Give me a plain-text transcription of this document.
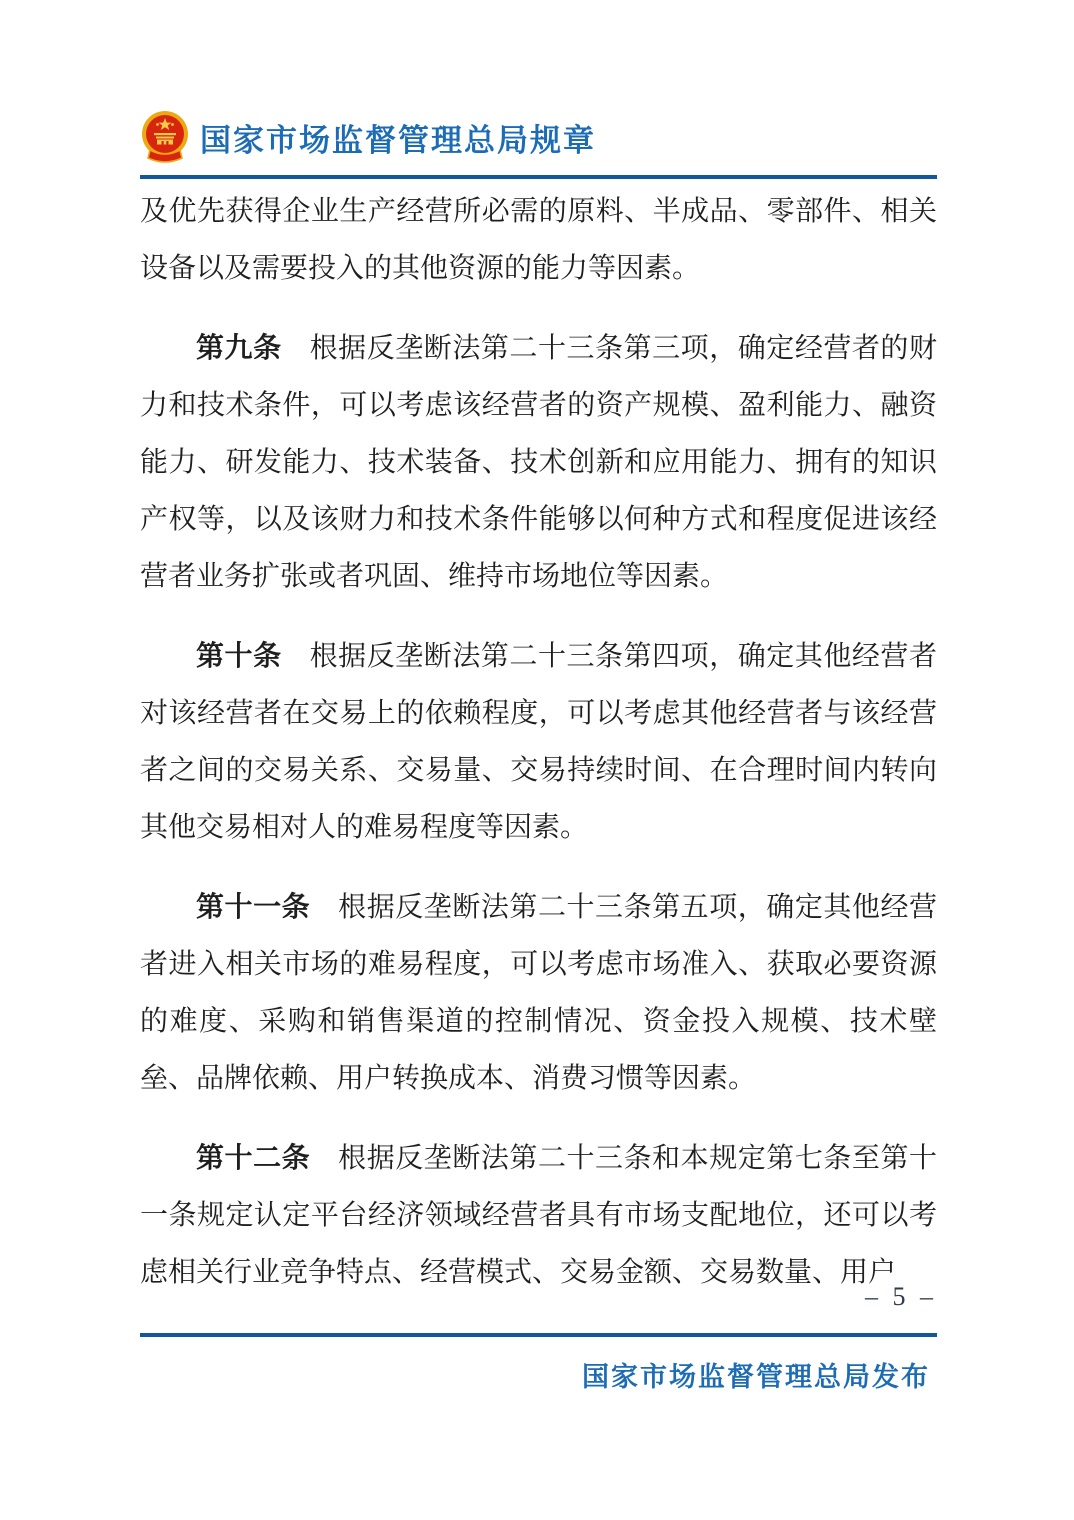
国家市场监督管理总局规章

及优先获得企业生产经营所必需的原料、半成品、零部件、相关设备以及需要投入的其他资源的能力等因素。

第九条 根据反垄断法第二十三条第三项，确定经营者的财力和技术条件，可以考虑该经营者的资产规模、盈利能力、融资能力、研发能力、技术装备、技术创新和应用能力、拥有的知识产权等，以及该财力和技术条件能够以何种方式和程度促进该经营者业务扩张或者巩固、维持市场地位等因素。

第十条 根据反垄断法第二十三条第四项，确定其他经营者对该经营者在交易上的依赖程度，可以考虑其他经营者与该经营者之间的交易关系、交易量、交易持续时间、在合理时间内转向其他交易相对人的难易程度等因素。

第十一条 根据反垄断法第二十三条第五项，确定其他经营者进入相关市场的难易程度，可以考虑市场准入、获取必要资源的难度、采购和销售渠道的控制情况、资金投入规模、技术壁垒、品牌依赖、用户转换成本、消费习惯等因素。

第十二条 根据反垄断法第二十三条和本规定第七条至第十一条规定认定平台经济领域经营者具有市场支配地位，还可以考虑相关行业竞争特点、经营模式、交易金额、交易数量、用户

– 5 –
国家市场监督管理总局发布
